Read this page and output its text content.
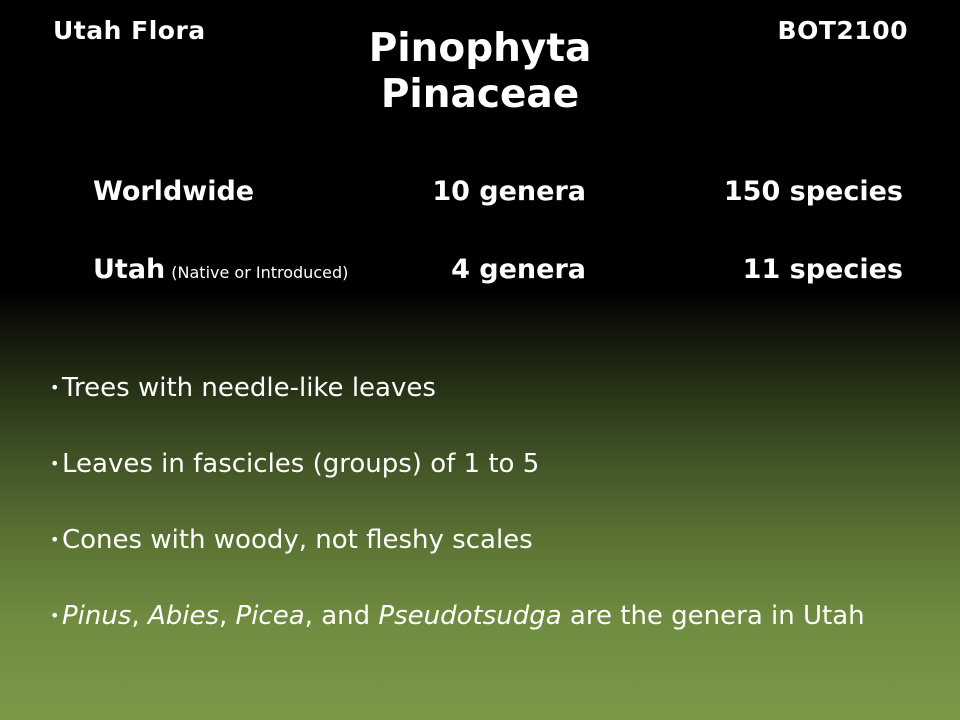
Utah Flora	BOT2100
Pinophyta
Pinaceae
Worldwide	10 genera	150 species
Utah (Native or Introduced)	4 genera	11 species
• Trees with needle-like leaves
• Leaves in fascicles (groups) of 1 to 5
• Cones with woody, not fleshy scales
• Pinus, Abies, Picea, and Pseudotsudga are the genera in Utah
